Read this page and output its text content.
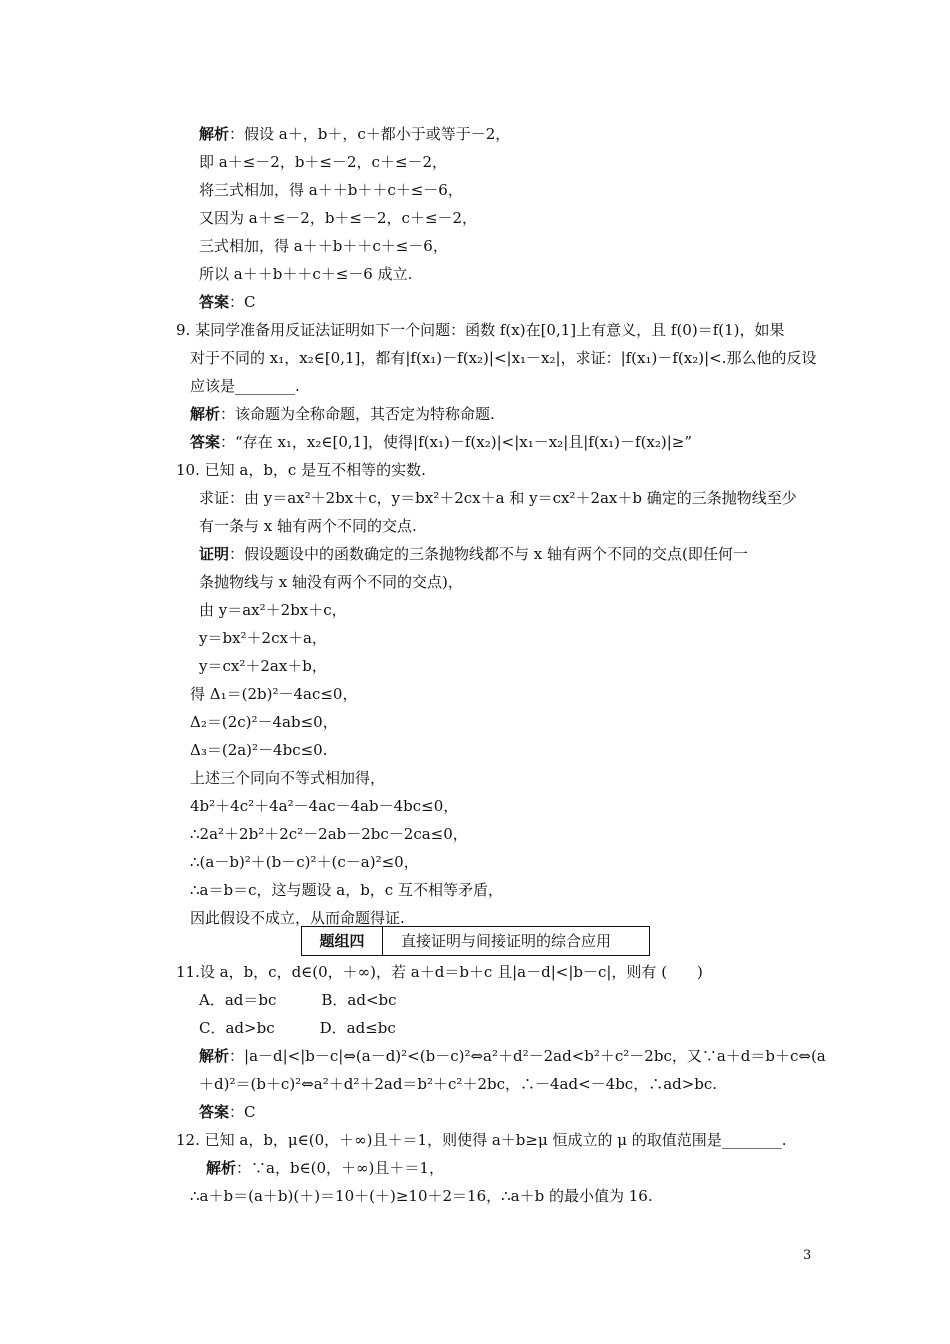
解析：假设 a＋，b＋，c＋都小于或等于－2，
即 a＋≤－2，b＋≤－2，c＋≤－2，
将三式相加，得 a＋＋b＋＋c＋≤－6，
又因为 a＋≤－2，b＋≤－2，c＋≤－2，
三式相加，得 a＋＋b＋＋c＋≤－6，
所以 a＋＋b＋＋c＋≤－6 成立.
答案：C
9. 某同学准备用反证法证明如下一个问题：函数 f(x)在[0,1]上有意义，且 f(0)＝f(1)，如果
对于不同的 x₁，x₂∈[0,1]，都有|f(x₁)－f(x₂)|<|x₁－x₂|，求证：|f(x₁)－f(x₂)|<.那么他的反设
应该是________.
解析：该命题为全称命题，其否定为特称命题.
答案：“存在 x₁，x₂∈[0,1]，使得|f(x₁)－f(x₂)|<|x₁－x₂|且|f(x₁)－f(x₂)|≥”
10. 已知 a，b，c 是互不相等的实数.
求证：由 y＝ax²＋2bx＋c，y＝bx²＋2cx＋a 和 y＝cx²＋2ax＋b 确定的三条抛物线至少
有一条与 x 轴有两个不同的交点.
证明：假设题设中的函数确定的三条抛物线都不与 x 轴有两个不同的交点(即任何一
条抛物线与 x 轴没有两个不同的交点)，
由 y＝ax²＋2bx＋c，
y＝bx²＋2cx＋a，
y＝cx²＋2ax＋b，
得 Δ₁＝(2b)²－4ac≤0，
Δ₂＝(2c)²－4ab≤0，
Δ₃＝(2a)²－4bc≤0.
上述三个同向不等式相加得，
4b²＋4c²＋4a²－4ac－4ab－4bc≤0，
∴2a²＋2b²＋2c²－2ab－2bc－2ca≤0，
∴(a－b)²＋(b－c)²＋(c－a)²≤0，
∴a＝b＝c，这与题设 a，b，c 互不相等矛盾，
因此假设不成立，从而命题得证.
11.设 a，b，c，d∈(0，＋∞)，若 a＋d＝b＋c 且|a－d|<|b－c|，则有 (　　)
A．ad＝bc　　　B．ad<bc
C．ad>bc　　　D．ad≤bc
解析：|a－d|<|b－c|⇔(a－d)²<(b－c)²⇔a²＋d²－2ad<b²＋c²－2bc，又∵a＋d＝b＋c⇔(a
＋d)²＝(b＋c)²⇔a²＋d²＋2ad＝b²＋c²＋2bc，∴－4ad<－4bc，∴ad>bc.
答案：C
12. 已知 a，b，μ∈(0，＋∞)且＋＝1，则使得 a＋b≥μ 恒成立的 μ 的取值范围是________.
解析：∵a，b∈(0，＋∞)且＋＝1，
∴a＋b＝(a＋b)(＋)＝10＋(＋)≥10＋2＝16，∴a＋b 的最小值为 16.
题组四	直接证明与间接证明的综合应用
3
